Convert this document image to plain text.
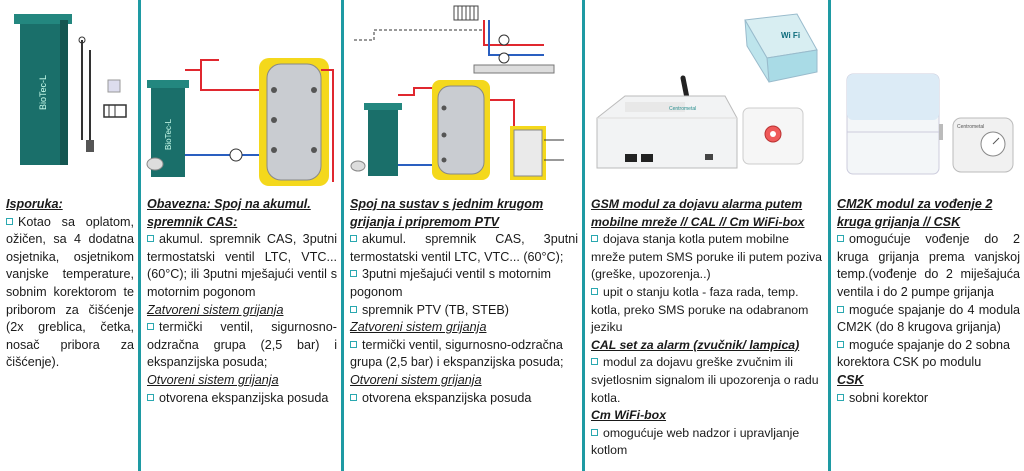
BioTec-L

Isporuka:

Kotao sa oplatom, ožičen, sa 4 dodatna osjetnika, osjetnikom vanjske temperature, sobnim korektorom te priborom za čišćenje (2x greblica, četka, nosač pribora za čišćenje).

BioTec-L

Obavezna: Spoj na akumul. spremnik CAS:

akumul. spremnik CAS, 3putni termostatski ventil LTC, VTC... (60°C); ili 3putni mješajući ventil s motornim pogonom

Zatvoreni sistem grijanja

termički ventil, sigurnosno-odzračna grupa (2,5 bar) i ekspanzijska posuda;

Otvoreni sistem grijanja

otvorena ekspanzijska posuda

Spoj na sustav s jednim krugom grijanja i pripremom PTV

akumul. spremnik CAS, 3putni termostatski ventil LTC, VTC... (60°C);

3putni mješajući ventil s motornim pogonom

spremnik PTV (TB, STEB)

Zatvoreni sistem grijanja

termički ventil, sigurnosno-odzračna grupa (2,5 bar) i ekspanzijska posuda;

Otvoreni sistem grijanja

otvorena ekspanzijska posuda

Centrometal
Wi Fi

GSM modul za dojavu alarma putem mobilne mreže // CAL // Cm WiFi-box

dojava stanja kotla putem mobilne mreže putem SMS poruke ili putem poziva (greške, upozorenja..)

upit o stanju kotla - faza rada, temp. kotla, preko SMS poruke na odabranom jeziku

CAL set za alarm (zvučnik/ lampica)

modul za dojavu greške zvučnim ili svjetlosnim signalom ili upozorenja o radu kotla.

Cm WiFi-box

omogućuje web nadzor i upravljanje kotlom

Centrometal

CM2K modul za vođenje 2 kruga grijanja // CSK

omogućuje vođenje do 2 kruga grijanja prema vanjskoj temp.(vođenje do 2 miješajuća ventila i do 2 pumpe grijanja

moguće spajanje do 4 modula CM2K (do 8 krugova grijanja)

moguće spajanje do 2 sobna korektora CSK po modulu

CSK

sobni korektor
